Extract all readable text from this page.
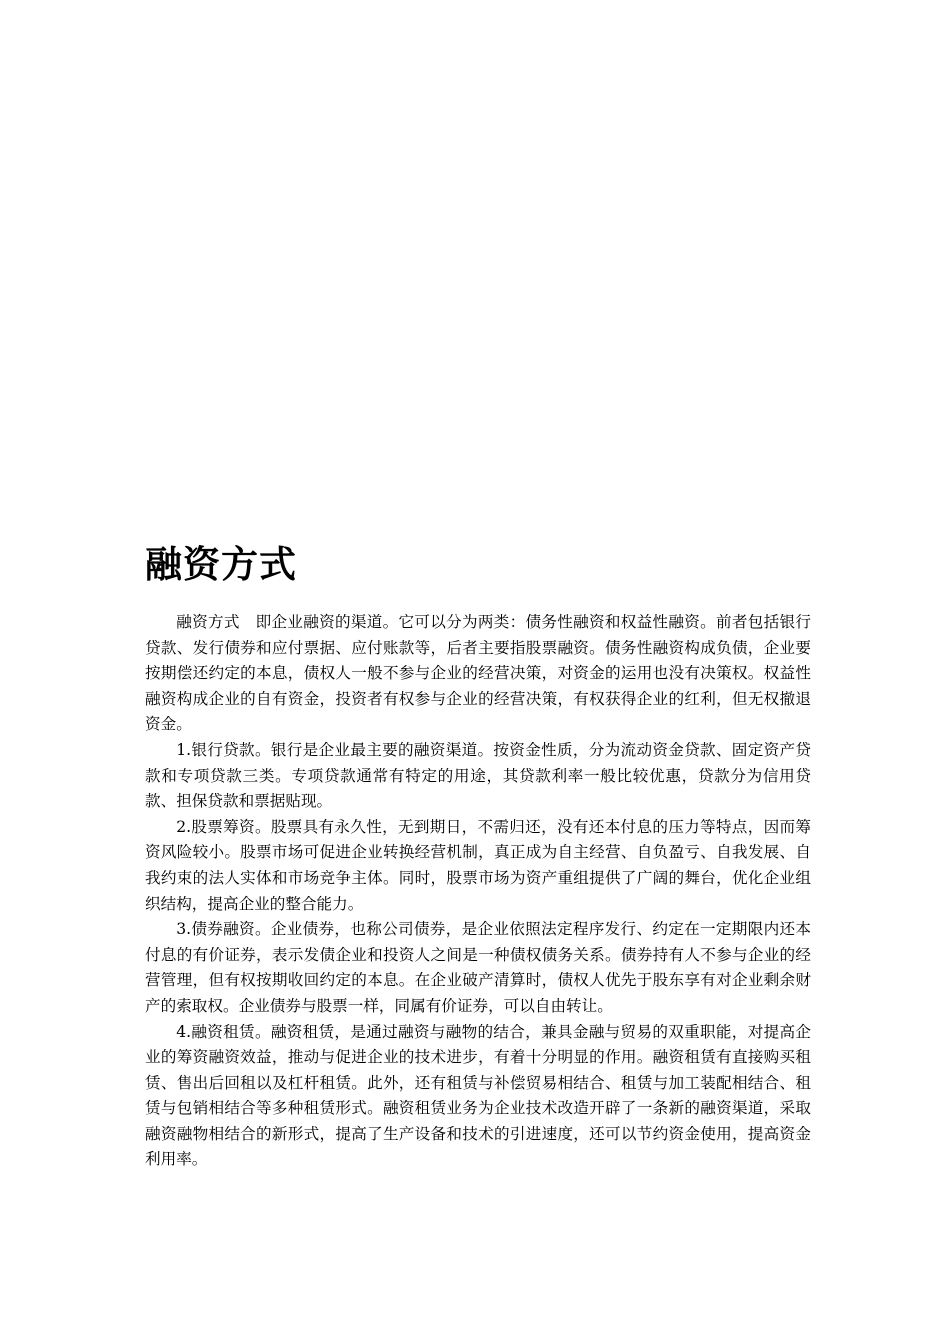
融资方式

融资方式　即企业融资的渠道。它可以分为两类：债务性融资和权益性融资。前者包括银行贷款、发行债券和应付票据、应付账款等，后者主要指股票融资。债务性融资构成负债，企业要按期偿还约定的本息，债权人一般不参与企业的经营决策，对资金的运用也没有决策权。权益性融资构成企业的自有资金，投资者有权参与企业的经营决策，有权获得企业的红利，但无权撤退资金。

1.银行贷款。银行是企业最主要的融资渠道。按资金性质，分为流动资金贷款、固定资产贷款和专项贷款三类。专项贷款通常有特定的用途，其贷款利率一般比较优惠，贷款分为信用贷款、担保贷款和票据贴现。

2.股票筹资。股票具有永久性，无到期日，不需归还，没有还本付息的压力等特点，因而筹资风险较小。股票市场可促进企业转换经营机制，真正成为自主经营、自负盈亏、自我发展、自我约束的法人实体和市场竞争主体。同时，股票市场为资产重组提供了广阔的舞台，优化企业组织结构，提高企业的整合能力。

3.债券融资。企业债券，也称公司债券，是企业依照法定程序发行、约定在一定期限内还本付息的有价证券，表示发债企业和投资人之间是一种债权债务关系。债券持有人不参与企业的经营管理，但有权按期收回约定的本息。在企业破产清算时，债权人优先于股东享有对企业剩余财产的索取权。企业债券与股票一样，同属有价证券，可以自由转让。

4.融资租赁。融资租赁，是通过融资与融物的结合，兼具金融与贸易的双重职能，对提高企业的筹资融资效益，推动与促进企业的技术进步，有着十分明显的作用。融资租赁有直接购买租赁、售出后回租以及杠杆租赁。此外，还有租赁与补偿贸易相结合、租赁与加工装配相结合、租赁与包销相结合等多种租赁形式。融资租赁业务为企业技术改造开辟了一条新的融资渠道，采取融资融物相结合的新形式，提高了生产设备和技术的引进速度，还可以节约资金使用，提高资金利用率。
